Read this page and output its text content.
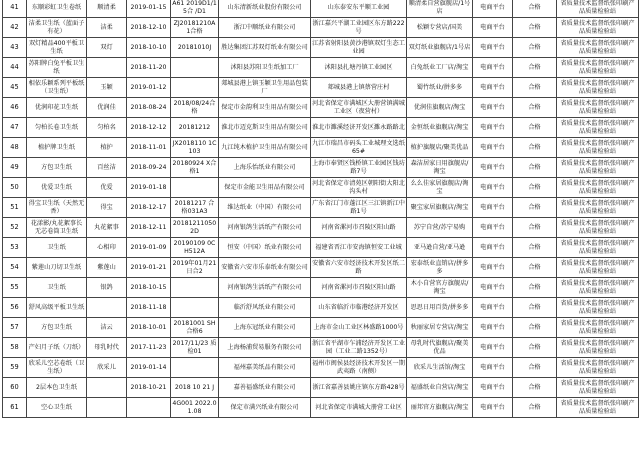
41	东顺彩虹卫生卷纸	顺清柔	2019-01-15	A61 2019D1/15合 /D1	山东清新纸业股份有限公司	山东泰安东平顺工业园	顺清柔自营旗舰店/1号店	电商平台	合格	省质量技术监督纸张印刷产品质量检验站
42	洁柔卫生纸（蓝面子有花）	洁柔	2018-12-10	ZJ20181210A 1合格	浙江中顺纸业有限公司	浙江嘉兴平湖工业园区东方路222号	松颖专营店/国美	电商平台	合格	省质量技术监督纸张印刷产品质量检验站
43	双灯精品400平板卫生纸	双灯	2018-10-10	20181010J	胜达集团江苏双灯纸业有限公司	江苏省射阳县黄沙港镇双灯生态工业园	双灯纸业旗舰店/1号店	电商平台	合格	省质量技术监督纸张印刷产品质量检验站
44	苏阳牌白兔平板卫生纸		2018-11-20		沭阳县苏阳卫生纸加工厂	沭阳县扎塘丹镇工业园区	白兔纸业工厂店/淘宝	电商平台	合格	省质量技术监督纸张印刷产品质量检验站
45	相依乐颖系列平板纸（卫生纸）	玉颖	2019-01-12		郯城县港上镇玉颖卫生用品包装厂	郯城县港上镇蔡营庄村	蜀竹纸业/拼多多	电商平台	合格	省质量技术监督纸张印刷产品质量检验站
46	优润印花卫生纸	优润佳	2018-08-24	2018/08/24合格	保定市金韵利卫生用品有限公司	河北省保定市满城区大册营镇满城工业区（夜营村）	优润佳旗舰店/淘宝	电商平台	合格	省质量技术监督纸张印刷产品质量检验站
47	匀柏长卷卫生纸	匀柏名	2018-12-12	20181212	淮北市迈克斯卫生用品有限公司	淮北市濉溪经济开发区濉永路路北	金恒纸业旗舰店/淘宝	电商平台	合格	省质量技术监督纸张印刷产品质量检验站
48	植护牌卫生纸	植护	2018-11-01	JX2018110 1C103	九江纯木植护卫生用品有限公司	九江市瑞昌市码头工业城理文选纸65#	植护旗舰店/聚美优品	电商平台	合格	省质量技术监督纸张印刷产品质量检验站
49	方包卫生纸	百丝洁	2018-09-24	20180924 X合格1	上海乐怡纸业有限公司	上海市奉贤区钱桥镇工业园区钱坊路7号	森洁居家日用旗舰店/淘宝	电商平台	合格	省质量技术监督纸张印刷产品质量检验站
50	优爱卫生纸	优爱	2019-01-18		保定市金能卫生用品有限公司	河北省保定市清苑区朝阳街大阳北沟头村	么么佳家居旗舰店/淘宝	电商平台	合格	省质量技术监督纸张印刷产品质量检验站
51	得宝卫生纸（天然无香）	得宝	2018-12-17	20181217 合格031A3	维达纸业（中国）有限公司	广东省江门市蓬江区三江镇新江中路1号	聚宝家居旗舰店/淘宝	电商平台	合格	省质量技术监督纸张印刷产品质量检验站
52	花漾影/丸花絮事长无芯卷筒卫生纸	丸花絮事	2018-12-11	20181211050 2D	河南银鸽生活纸产有限公司	河南省漯河市召陵区阳山路	苏宁自营/苏宁易购	电商平台	合格	省质量技术监督纸张印刷产品质量检验站
53	卫生纸	心相印	2019-01-09	20190109 0CH512A	恒安（中国）纸业有限公司	福建省晋江市安海镇恒安工业城	亚马逊自营/亚马逊	电商平台	合格	省质量技术监督纸张印刷产品质量检验站
54	紫莲山刀切卫生纸	紫莲山	2019-01-21	2019年01月21日合2	安徽省六安市乐泰纸业有限公司	安徽省六安市经济技术开发区纸二路	宏泰纸业直销店/拼多多	电商平台	合格	省质量技术监督纸张印刷产品质量检验站
55	卫生纸	银鸽	2018-10-15		河南银鸽生活纸产有限公司	河南省漯河市召陵区阳山路	木小自营官方旗舰店/淘宝	电商平台	合格	省质量技术监督纸张印刷产品质量检验站
56	舒风高级平板卫生纸		2018-11-18		临沂舒风纸业有限公司	山东省临沂市临港经济开发区	思思日用百货/拼多多	电商平台	合格	省质量技术监督纸张印刷产品质量检验站
57	方包卫生纸	洁云	2018-10-01	20181001 SH合格6	上海东冠纸业有限公司	上海市金山工业区林盛路1000号	秋丽家居专营店/淘宝	电商平台	合格	省质量技术监督纸张印刷产品质量检验站
58	产妇月子纸（刀纸）	母乳时代	2017-11-23	2017/11/23 质检01	上海杨浦贸易服务有限公司	浙江省平湖市乍浦经济开发区工业园（工业二路1352号）	母乳时代旗舰店/聚美优品	电商平台	合格	省质量技术监督纸张印刷产品质量检验站
59	欣采儿空芯卷纸（卫生纸）	欣采儿	2019-01-14		福州嘉美纸品有限公司	福州市闽侯县经济技术开发区一期武夷路（南侧）	欣采儿生活馆/淘宝	电商平台	合格	省质量技术监督纸张印刷产品质量检验站
60	2层本色卫生纸		2018-10-21	2018 10 21 J	嘉善福盛纸业有限公司	浙江省嘉善县姚庄镇东方路428号	福盛纸业自营店/淘宝	电商平台	合格	省质量技术监督纸张印刷产品质量检验站
61	空心卫生纸			4G001 2022.01.08	保定市满兴纸业有限公司	河北省保定市满城大册营工业区	丽邦官方旗舰店/淘宝	电商平台	合格	省质量技术监督纸张印刷产品质量检验站
